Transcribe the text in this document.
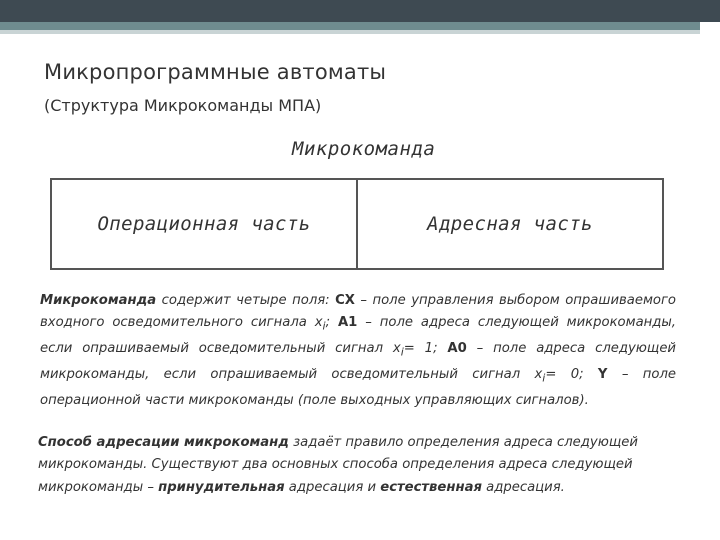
Микропрограммные автоматы
(Структура Микрокоманды МПА)
Микрокоманда
Операционная часть	Адресная часть
Микрокоманда содержит четыре поля: CX – поле управления выбором опрашиваемого входного осведомительного сигнала $x_i$; A1 – поле адреса следующей микрокоманды, если опрашиваемый осведомительный сигнал $x_i= 1$; A0 – поле адреса следующей микрокоманды, если опрашиваемый осведомительный сигнал $x_i= 0$; Y – поле операционной части микрокоманды (поле выходных управляющих сигналов).
Способ адресации микрокоманд задаёт правило определения адреса следующей микрокоманды. Существуют два основных способа определения адреса следующей микрокоманды – принудительная адресация и естественная адресация.
